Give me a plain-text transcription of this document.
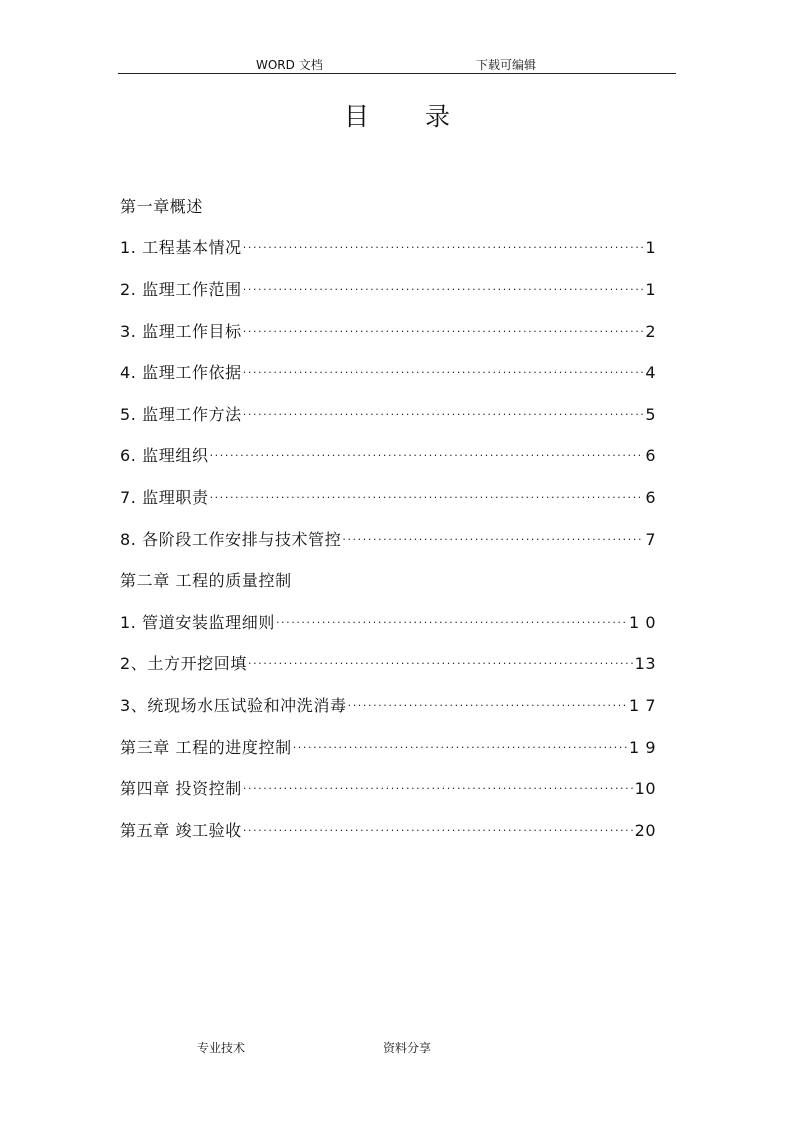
WORD 文档	下载可编辑
目 录
第一章概述
1. 工程基本情况 ·····	1
2. 监理工作范围 ·····	1
3. 监理工作目标 ·····	2
4. 监理工作依据 ·····	4
5. 监理工作方法 ·····	5
6. 监理组织 ·····	6
7. 监理职责 ·····	6
8. 各阶段工作安排与技术管控 ·····	7
第二章 工程的质量控制
1. 管道安装监理细则 ·····	1 0
2、土方开挖回填 ·····	13
3、统现场水压试验和冲洗消毒 ·····	1 7
第三章 工程的进度控制 ·····	1 9
第四章 投资控制 ·····	10
第五章 竣工验收 ·····	20
专业技术	资料分享
